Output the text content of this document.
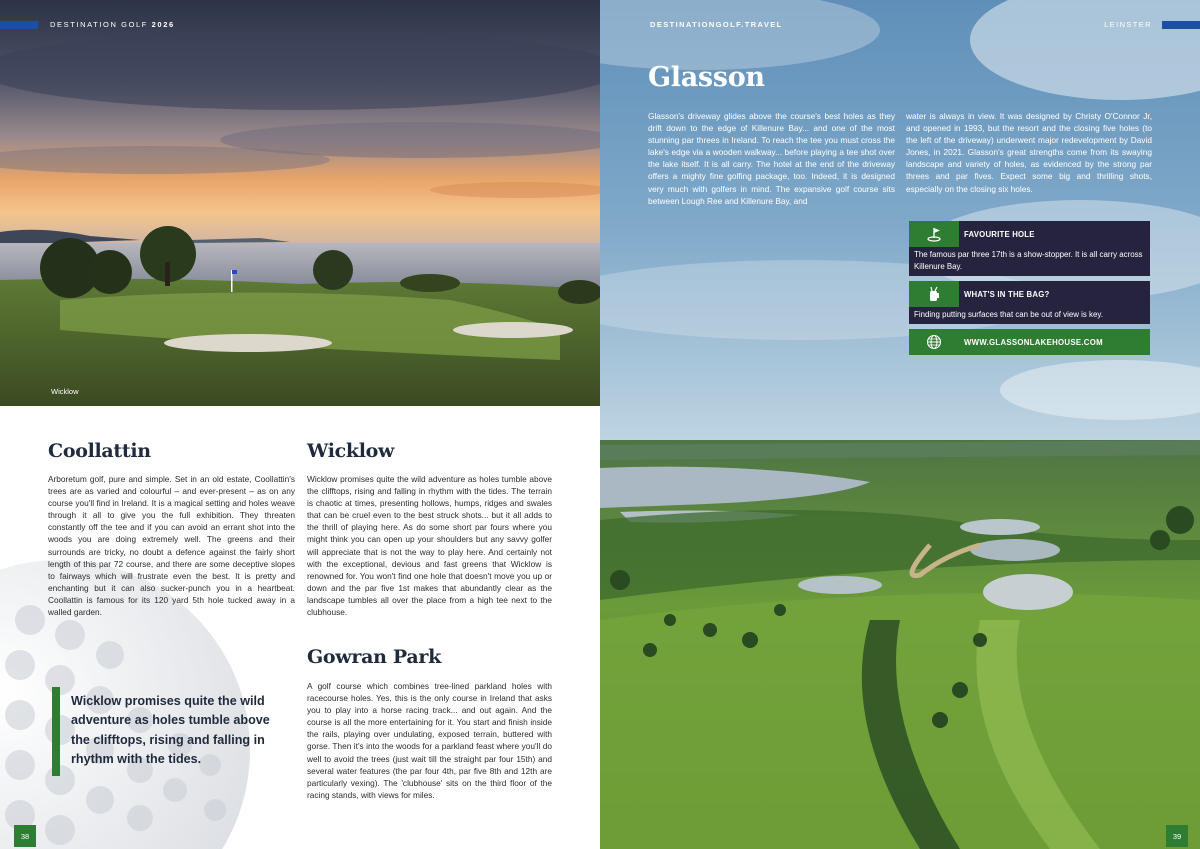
DESTINATION GOLF 2026
Wicklow
Coollattin

Arboretum golf, pure and simple. Set in an old estate, Coollattin's trees are as varied and colourful – and ever-present – as on any course you'll find in Ireland. It is a magical setting and holes weave through it all to give you the full exhibition. They threaten constantly off the tee and if you can avoid an errant shot into the woods you are doing extremely well. The greens and their surrounds are tricky, no doubt a defence against the fairly short length of this par 72 course, and there are some deceptive slopes to fairways which will frustrate even the best. It is pretty and enchanting but it can also sucker-punch you in a heartbeat. Coollattin is famous for its 120 yard 5th hole tucked away in a walled garden.

Wicklow

Wicklow promises quite the wild adventure as holes tumble above the clifftops, rising and falling in rhythm with the tides. The terrain is chaotic at times, presenting hollows, humps, ridges and swales that can be cruel even to the best struck shots... but it all adds to the thrill of playing here. As do some short par fours where you might think you can open up your shoulders but any savvy golfer will appreciate that is not the way to play here. And certainly not with the exceptional, devious and fast greens that Wicklow is renowned for. You won't find one hole that doesn't move you up or down and the par five 1st makes that abundantly clear as the landscape tumbles all over the place from a high tee next to the clubhouse.

Gowran Park

A golf course which combines tree-lined parkland holes with racecourse holes. Yes, this is the only course in Ireland that asks you to play into a horse racing track... and out again. And the course is all the more entertaining for it. You start and finish inside the rails, playing over undulating, exposed terrain, buttered with gorse. Then it's into the woods for a parkland feast where you'll do well to avoid the trees (just wait till the straight par four 15th) and several water features (the par four 4th, par five 8th and 12th are particularly vexing). The 'clubhouse' sits on the third floor of the racing stands, with views for miles.

Wicklow promises quite the wild adventure as holes tumble above the clifftops, rising and falling in rhythm with the tides.

38
DESTINATIONGOLF.TRAVEL	LEINSTER
Glasson

Glasson's driveway glides above the course's best holes as they drift down to the edge of Killenure Bay... and one of the most stunning par threes in Ireland. To reach the tee you must cross the lake's edge via a wooden walkway... before playing a tee shot over the lake itself. It is all carry. The hotel at the end of the driveway offers a mighty fine golfing package, too. Indeed, it is designed very much with golfers in mind. The expansive golf course sits between Lough Ree and Killenure Bay, and

water is always in view. It was designed by Christy O'Connor Jr, and opened in 1993, but the resort and the closing five holes (to the left of the driveway) underwent major redevelopment by David Jones, in 2021. Glasson's great strengths come from its swaying landscape and variety of holes, as evidenced by the strong par threes and par fives. Expect some big and thrilling shots, especially on the closing six holes.

FAVOURITE HOLE
The famous par three 17th is a show-stopper. It is all carry across Killenure Bay.
WHAT'S IN THE BAG?
Finding putting surfaces that can be out of view is key.
WWW.GLASSONLAKEHOUSE.COM
39
